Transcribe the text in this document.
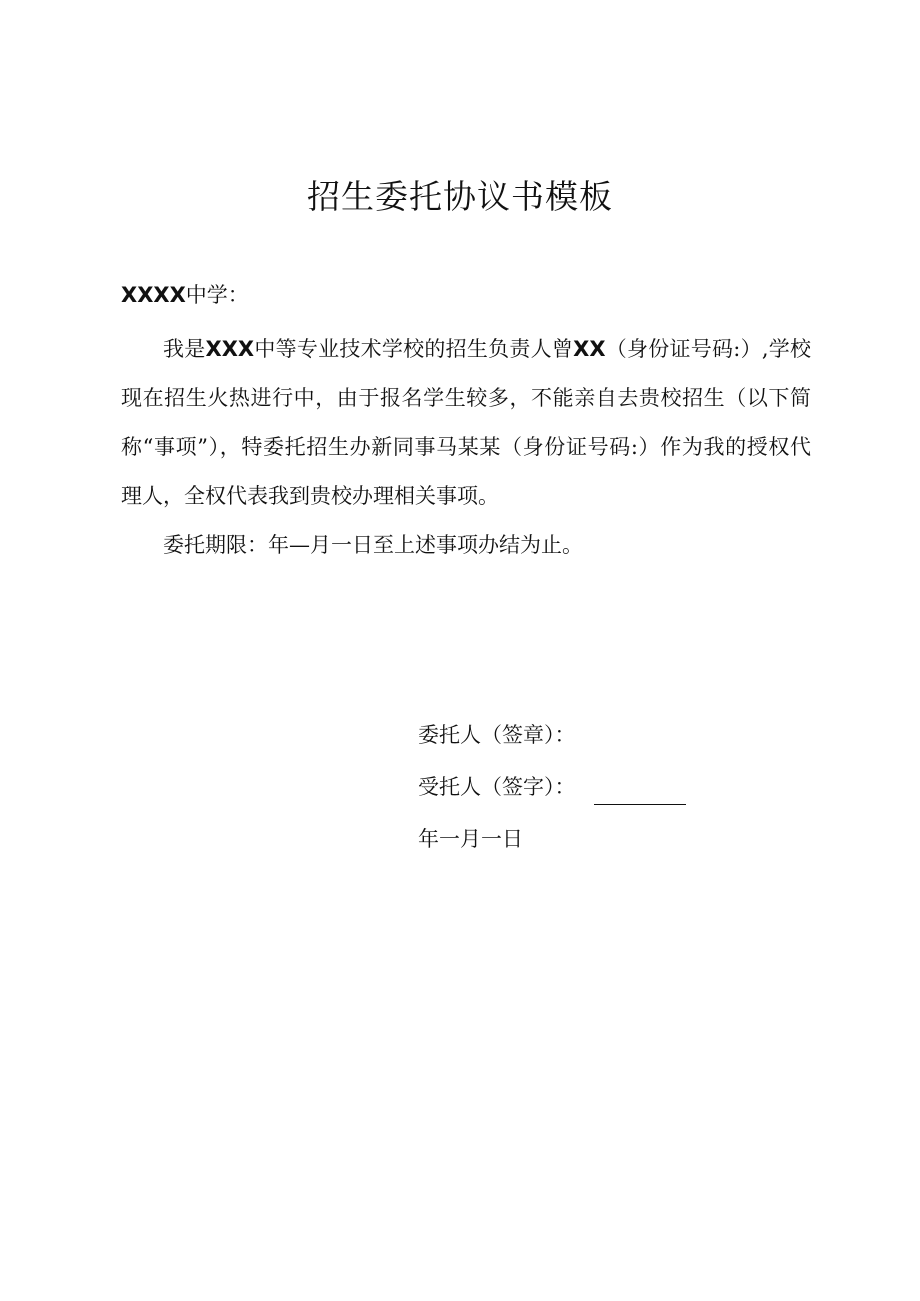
招生委托协议书模板
XXXX中学：

我是XXX中等专业技术学校的招生负责人曾XX（身份证号码:）,学校现在招生火热进行中，由于报名学生较多，不能亲自去贵校招生（以下简称“事项”），特委托招生办新同事马某某（身份证号码:）作为我的授权代理人，全权代表我到贵校办理相关事项。

委托期限：年—月一日至上述事项办结为止。

委托人（签章）：
受托人（签字）：
年一月一日
